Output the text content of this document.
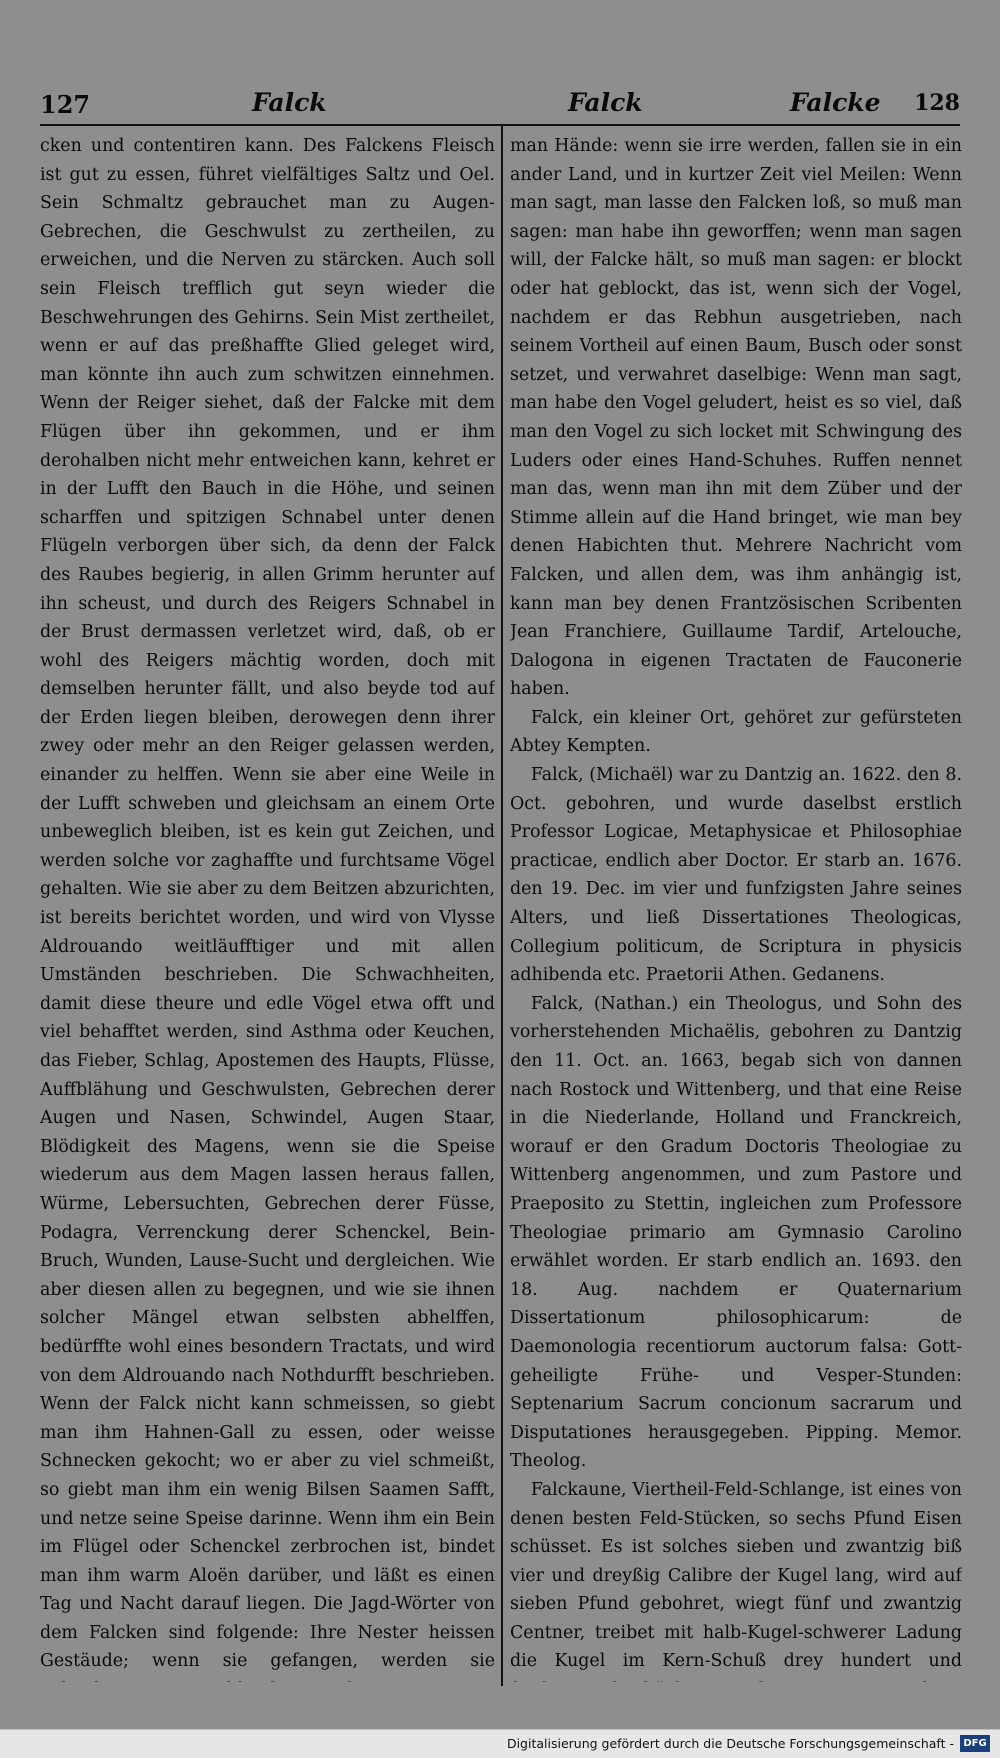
127	Falck	Falck	Falcke 128

cken und contentiren kann. Des Falckens Fleisch ist gut zu essen, führet vielfältiges Saltz und Oel. Sein Schmaltz gebrauchet man zu Augen-Gebrechen, die Geschwulst zu zertheilen, zu erweichen, und die Nerven zu stärcken. Auch soll sein Fleisch trefflich gut seyn wieder die Beschwehrungen des Gehirns. Sein Mist zertheilet, wenn er auf das preßhaffte Glied geleget wird, man könnte ihn auch zum schwitzen einnehmen. Wenn der Reiger siehet, daß der Falcke mit dem Flügen über ihn gekommen, und er ihm derohalben nicht mehr entweichen kann, kehret er in der Lufft den Bauch in die Höhe, und seinen scharffen und spitzigen Schnabel unter denen Flügeln verborgen über sich, da denn der Falck des Raubes begierig, in allen Grimm herunter auf ihn scheust, und durch des Reigers Schnabel in der Brust dermassen verletzet wird, daß, ob er wohl des Reigers mächtig worden, doch mit demselben herunter fällt, und also beyde tod auf der Erden liegen bleiben, derowegen denn ihrer zwey oder mehr an den Reiger gelassen werden, einander zu helffen. Wenn sie aber eine Weile in der Lufft schweben und gleichsam an einem Orte unbeweglich bleiben, ist es kein gut Zeichen, und werden solche vor zaghaffte und furchtsame Vögel gehalten. Wie sie aber zu dem Beitzen abzurichten, ist bereits berichtet worden, und wird von Vlysse Aldrouando weitläufftiger und mit allen Umständen beschrieben. Die Schwachheiten, damit diese theure und edle Vögel etwa offt und viel behafftet werden, sind Asthma oder Keuchen, das Fieber, Schlag, Apostemen des Haupts, Flüsse, Auffblähung und Geschwulsten, Gebrechen derer Augen und Nasen, Schwindel, Augen Staar, Blödigkeit des Magens, wenn sie die Speise wiederum aus dem Magen lassen heraus fallen, Würme, Lebersuchten, Gebrechen derer Füsse, Podagra, Verrenckung derer Schenckel, Bein-Bruch, Wunden, Lause-Sucht und dergleichen. Wie aber diesen allen zu begegnen, und wie sie ihnen solcher Mängel etwan selbsten abhelffen, bedürffte wohl eines besondern Tractats, und wird von dem Aldrouando nach Nothdurfft beschrieben. Wenn der Falck nicht kann schmeissen, so giebt man ihm Hahnen-Gall zu essen, oder weisse Schnecken gekocht; wo er aber zu viel schmeißt, so giebt man ihm ein wenig Bilsen Saamen Safft, und netze seine Speise darinne. Wenn ihm ein Bein im Flügel oder Schenckel zerbrochen ist, bindet man ihm warm Aloën darüber, und läßt es einen Tag und Nacht darauf liegen. Die Jagd-Wörter von dem Falcken sind folgende: Ihre Nester heissen Gestäude; wenn sie gefangen, werden sie

man Hände: wenn sie irre werden, fallen sie in ein ander Land, und in kurtzer Zeit viel Meilen: Wenn man sagt, man lasse den Falcken loß, so muß man sagen: man habe ihn geworffen; wenn man sagen will, der Falcke hält, so muß man sagen: er blockt oder hat geblockt, das ist, wenn sich der Vogel, nachdem er das Rebhun ausgetrieben, nach seinem Vortheil auf einen Baum, Busch oder sonst setzet, und verwahret daselbige: Wenn man sagt, man habe den Vogel geludert, heist es so viel, daß man den Vogel zu sich locket mit Schwingung des Luders oder eines Hand-Schuhes. Ruffen nennet man das, wenn man ihn mit dem Züber und der Stimme allein auf die Hand bringet, wie man bey denen Habichten thut. Mehrere Nachricht vom Falcken, und allen dem, was ihm anhängig ist, kann man bey denen Frantzösischen Scribenten Jean Franchiere, Guillaume Tardif, Artelouche, Dalogona in eigenen Tractaten de Fauconerie haben.

Falck, ein kleiner Ort, gehöret zur gefürsteten Abtey Kempten.

Falck, (Michaël) war zu Dantzig an. 1622. den 8. Oct. gebohren, und wurde daselbst erstlich Professor Logicae, Metaphysicae et Philosophiae practicae, endlich aber Doctor. Er starb an. 1676. den 19. Dec. im vier und funfzigsten Jahre seines Alters, und ließ Dissertationes Theologicas, Collegium politicum, de Scriptura in physicis adhibenda etc. Praetorii Athen. Gedanens.

Falck, (Nathan.) ein Theologus, und Sohn des vorherstehenden Michaëlis, gebohren zu Dantzig den 11. Oct. an. 1663, begab sich von dannen nach Rostock und Wittenberg, und that eine Reise in die Niederlande, Holland und Franckreich, worauf er den Gradum Doctoris Theologiae zu Wittenberg angenommen, und zum Pastore und Praeposito zu Stettin, ingleichen zum Professore Theologiae primario am Gymnasio Carolino erwählet worden. Er starb endlich an. 1693. den 18. Aug. nachdem er Quaternarium Dissertationum philosophicarum: de Daemonologia recentiorum auctorum falsa: Gott-geheiligte Frühe- und Vesper-Stunden: Septenarium Sacrum concionum sacrarum und Disputationes herausgegeben. Pipping. Memor. Theolog.

Falckaune, Viertheil-Feld-Schlange, ist eines von denen besten Feld-Stücken, so sechs Pfund Eisen schüsset. Es ist solches sieben und zwantzig biß vier und dreyßig Calibre der Kugel lang, wird auf sieben Pfund gebohret, wiegt fünf und zwantzig Centner, treibet mit halb-Kugel-schwerer Ladung die Kugel im Kern-Schuß drey hundert und

Digitalisierung gefördert durch die Deutsche Forschungsgemeinschaft - DFG
